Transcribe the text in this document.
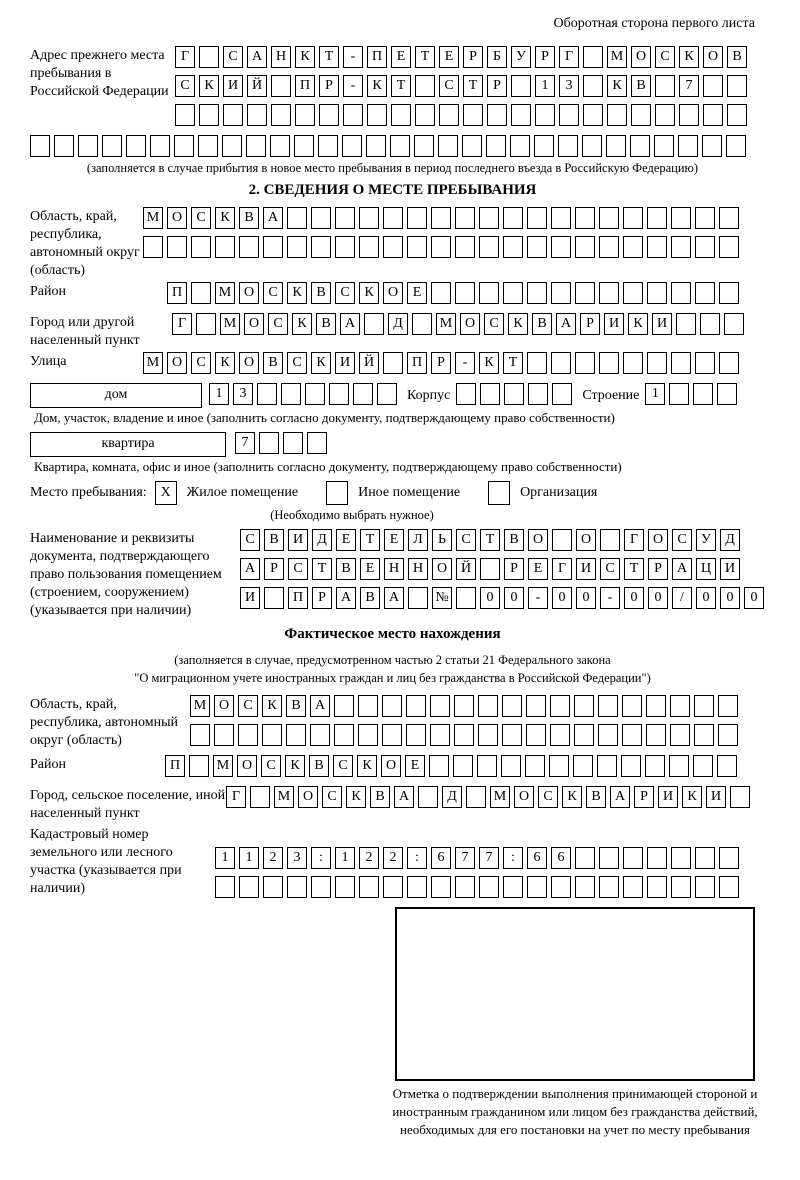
Оборотная сторона первого листа
Адрес прежнего места пребывания в Российской Федерации
Г	С	А Н	К	Т	-	П	Е	Т	Е	Р	Б	У	Р	Г	М О	С	К	О	В
С	К	И Й	П	Р	-	К	Т	С	Т	Р	1	3	К	В	7
(заполняется в случае прибытия в новое место пребывания в период последнего въезда в Российскую Федерацию)
2. СВЕДЕНИЯ О МЕСТЕ ПРЕБЫВАНИЯ
Область, край, республика, автономный округ (область)
М О	С	К	В	А
Район	П	М О	С	К	В	С	К	О	Е
Город или другой населенный пункт
Г	М О	С	К	В	А	Д	М О	С	К	В	А	Р	И	К	И
Улица	М О	С	К	О	В	С	К	И Й	П	Р	-	К	Т
дом	1	3	Корпус	Строение 1
Дом, участок, владение и иное (заполнить согласно документу, подтверждающему право собственности)
квартира	7
Квартира, комната, офис и иное (заполнить согласно документу, подтверждающему право собственности)
Место пребывания: X	Жилое помещение	Иное помещение	Организация
(Необходимо выбрать нужное)
Наименование и реквизиты документа, подтверждающего право пользования помещением (строением, сооружением) (указывается при наличии)
С	В	И	Д	Е	Т	Е	Л	Ь	С	Т	В	О	О	Г	О	С	У	Д
А	Р	С	Т	В	Е	Н Н О Й	Р	Е	Г	И	С	Т	Р	А Ц И
И	П	Р	А	В	А	№	0	0	-	0	0	-	0	0	/	0	0	0
Фактическое место нахождения
(заполняется в случае, предусмотренном частью 2 статьи 21 Федерального закона
"О миграционном учете иностранных граждан и лиц без гражданства в Российской Федерации")
Область, край, республика, автономный округ (область)
М О	С	К	В	А
Район	П	М О	С	К	В	С	К	О	Е
Город, сельское поселение, иной населенный пункт
Г	М О	С	К	В	А	Д	М О	С	К	В	А	Р	И	К	И
Кадастровый номер земельного или лесного участка (указывается при наличии)
1	1	2	3	:	1	2	2	:	6	7	7	:	6	6
Отметка о подтверждении выполнения принимающей стороной и иностранным гражданином или лицом без гражданства действий, необходимых для его постановки на учет по месту пребывания
